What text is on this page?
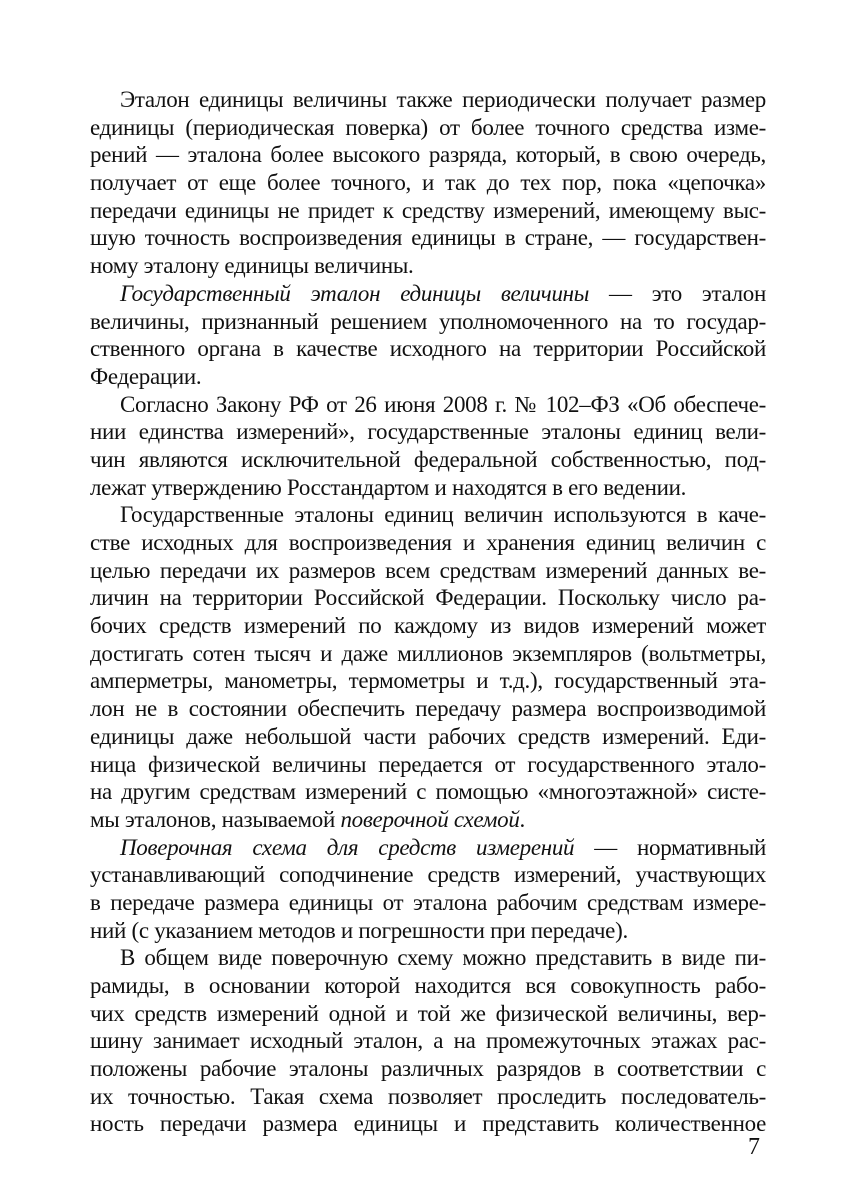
Эталон единицы величины также периодически получает размер
единицы (периодическая поверка) от более точного средства изме-
рений — эталона более высокого разряда, который, в свою очередь,
получает от еще более точного, и так до тех пор, пока «цепочка»
передачи единицы не придет к средству измерений, имеющему выс-
шую точность воспроизведения единицы в стране, — государствен-
ному эталону единицы величины.
Государственный эталон единицы величины — это эталон
величины, признанный решением уполномоченного на то государ-
ственного органа в качестве исходного на территории Российской
Федерации.
Согласно Закону РФ от 26 июня 2008 г. № 102–ФЗ «Об обеспече-
нии единства измерений», государственные эталоны единиц вели-
чин являются исключительной федеральной собственностью, под-
лежат утверждению Росстандартом и находятся в его ведении.
Государственные эталоны единиц величин используются в каче-
стве исходных для воспроизведения и хранения единиц величин с
целью передачи их размеров всем средствам измерений данных ве-
личин на территории Российской Федерации. Поскольку число ра-
бочих средств измерений по каждому из видов измерений может
достигать сотен тысяч и даже миллионов экземпляров (вольтметры,
амперметры, манометры, термометры и т.д.), государственный эта-
лон не в состоянии обеспечить передачу размера воспроизводимой
единицы даже небольшой части рабочих средств измерений. Еди-
ница физической величины передается от государственного этало-
на другим средствам измерений с помощью «многоэтажной» систе-
мы эталонов, называемой поверочной схемой.
Поверочная схема для средств измерений — нормативный
устанавливающий соподчинение средств измерений, участвующих
в передаче размера единицы от эталона рабочим средствам измере-
ний (с указанием методов и погрешности при передаче).
В общем виде поверочную схему можно представить в виде пи-
рамиды, в основании которой находится вся совокупность рабо-
чих средств измерений одной и той же физической величины, вер-
шину занимает исходный эталон, а на промежуточных этажах рас-
положены рабочие эталоны различных разрядов в соответствии с
их точностью. Такая схема позволяет проследить последователь-
ность передачи размера единицы и представить количественное
7
